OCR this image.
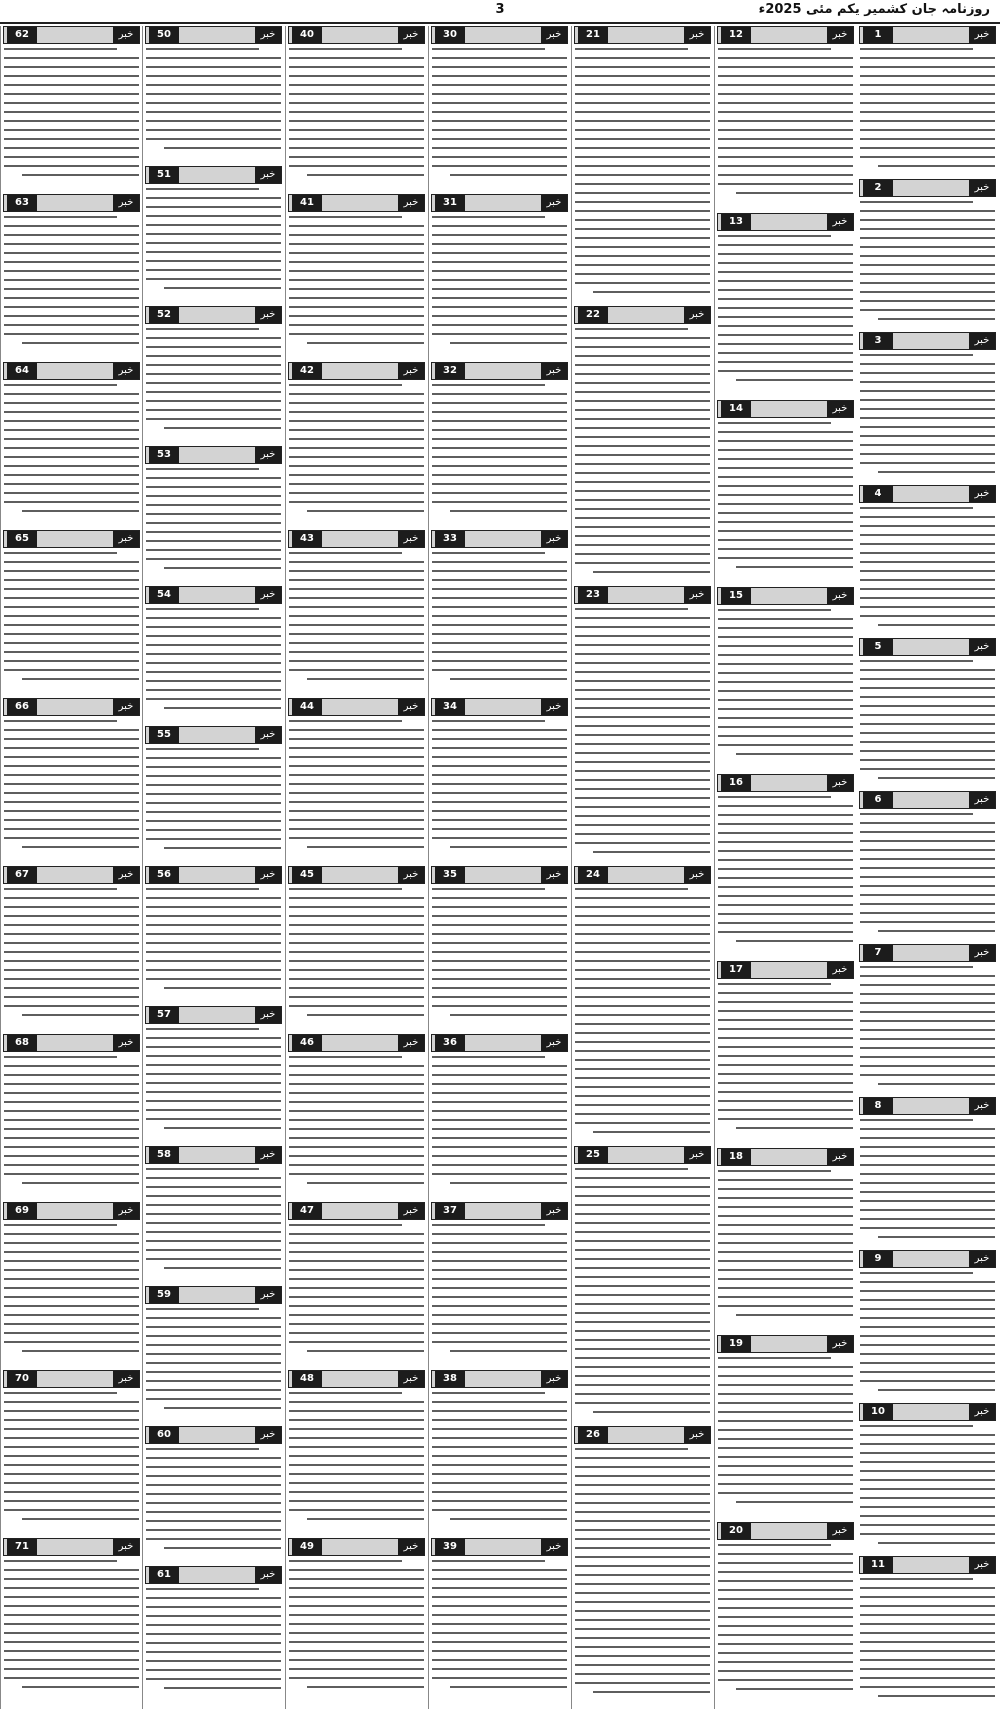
روزنامہ جان کشمیر یکم مئی 2025ء
3
خبر
1
خبر
2
خبر
3
خبر
4
خبر
5
خبر
6
خبر
7
خبر
8
خبر
9
خبر
10
خبر
11
خبر
12
خبر
13
خبر
14
خبر
15
خبر
16
خبر
17
خبر
18
خبر
19
خبر
20
خبر
21
خبر
22
خبر
23
خبر
24
خبر
25
خبر
26
خبر
30
خبر
31
خبر
32
خبر
33
خبر
34
خبر
35
خبر
36
خبر
37
خبر
38
خبر
39
خبر
40
خبر
41
خبر
42
خبر
43
خبر
44
خبر
45
خبر
46
خبر
47
خبر
48
خبر
49
خبر
50
خبر
51
خبر
52
خبر
53
خبر
54
خبر
55
خبر
56
خبر
57
خبر
58
خبر
59
خبر
60
خبر
61
خبر
62
خبر
63
خبر
64
خبر
65
خبر
66
خبر
67
خبر
68
خبر
69
خبر
70
خبر
71
